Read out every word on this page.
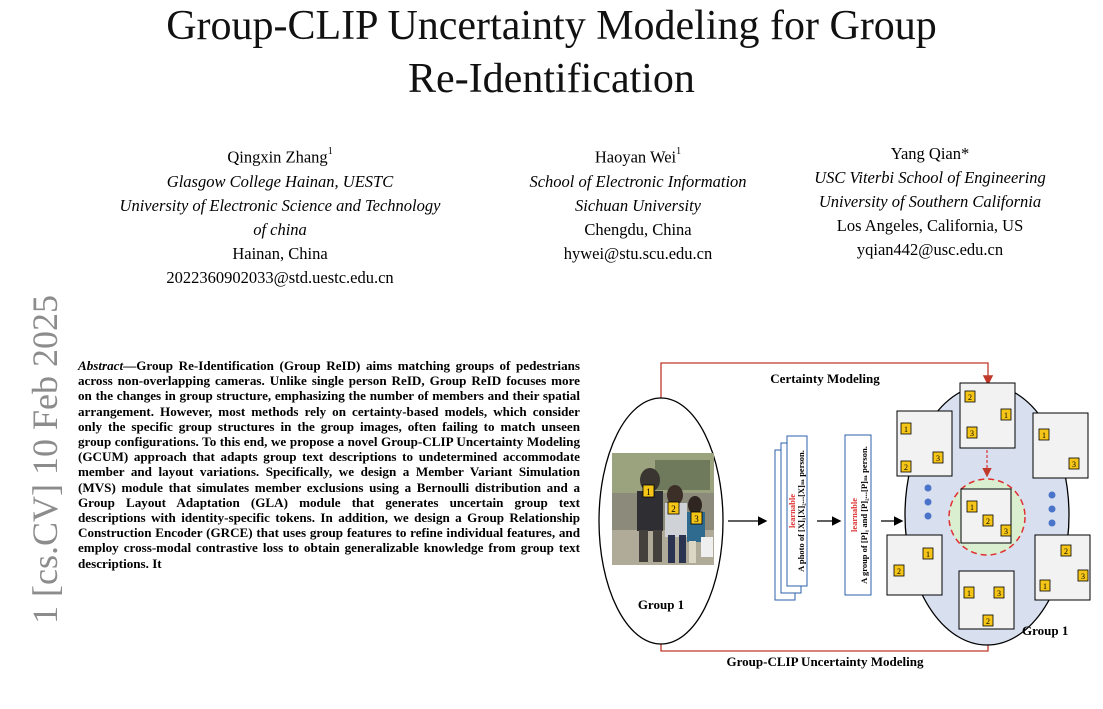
Group-CLIP Uncertainty Modeling for Group
Re-Identification
Qingxin Zhang$^1$
Glasgow College Hainan, UESTC
University of Electronic Science and Technology
of china
Hainan, China
2022360902033@std.uestc.edu.cn
Haoyan Wei$^1$
School of Electronic Information
Sichuan University
Chengdu, China
hywei@stu.scu.edu.cn
Yang Qian*
USC Viterbi School of Engineering
University of Southern California
Los Angeles, California, US
yqian442@usc.edu.cn
1 [cs.CV] 10 Feb 2025 Abstract—Group Re-Identification (Group ReID) aims matching groups of pedestrians across non-overlapping cameras. Unlike single person ReID, Group ReID focuses more on the changes in group structure, emphasizing the number of members and their spatial arrangement. However, most methods rely on certainty-based models, which consider only the specific group structures in the group images, often failing to match unseen group configurations. To this end, we propose a novel Group-CLIP Uncertainty Modeling (GCUM) approach that adapts group text descriptions to undetermined accommodate member and layout variations. Specifically, we design a Member Variant Simulation (MVS) module that simulates member exclusions using a Bernoulli distribution and a Group Layout Adaptation (GLA) module that generates uncertain group text descriptions with identity-specific tokens. In addition, we design a Group Relationship Construction Encoder (GRCE) that uses group features to refine individual features, and employ cross-modal contrastive loss to obtain generalizable knowledge from group text descriptions. It

Certainty Modeling
Group-CLIP Uncertainty Modeling
1
2
3
Group 1
learnable A photo of [X]₁[X]₂...[X]ₘ person.	learnable A group of [P]₁ and [P]₂...[P]ₘ person.
1
2
3
2
1
3	1
3
1
2
3
2
1
1
2
3
1	3
2
Group 1
